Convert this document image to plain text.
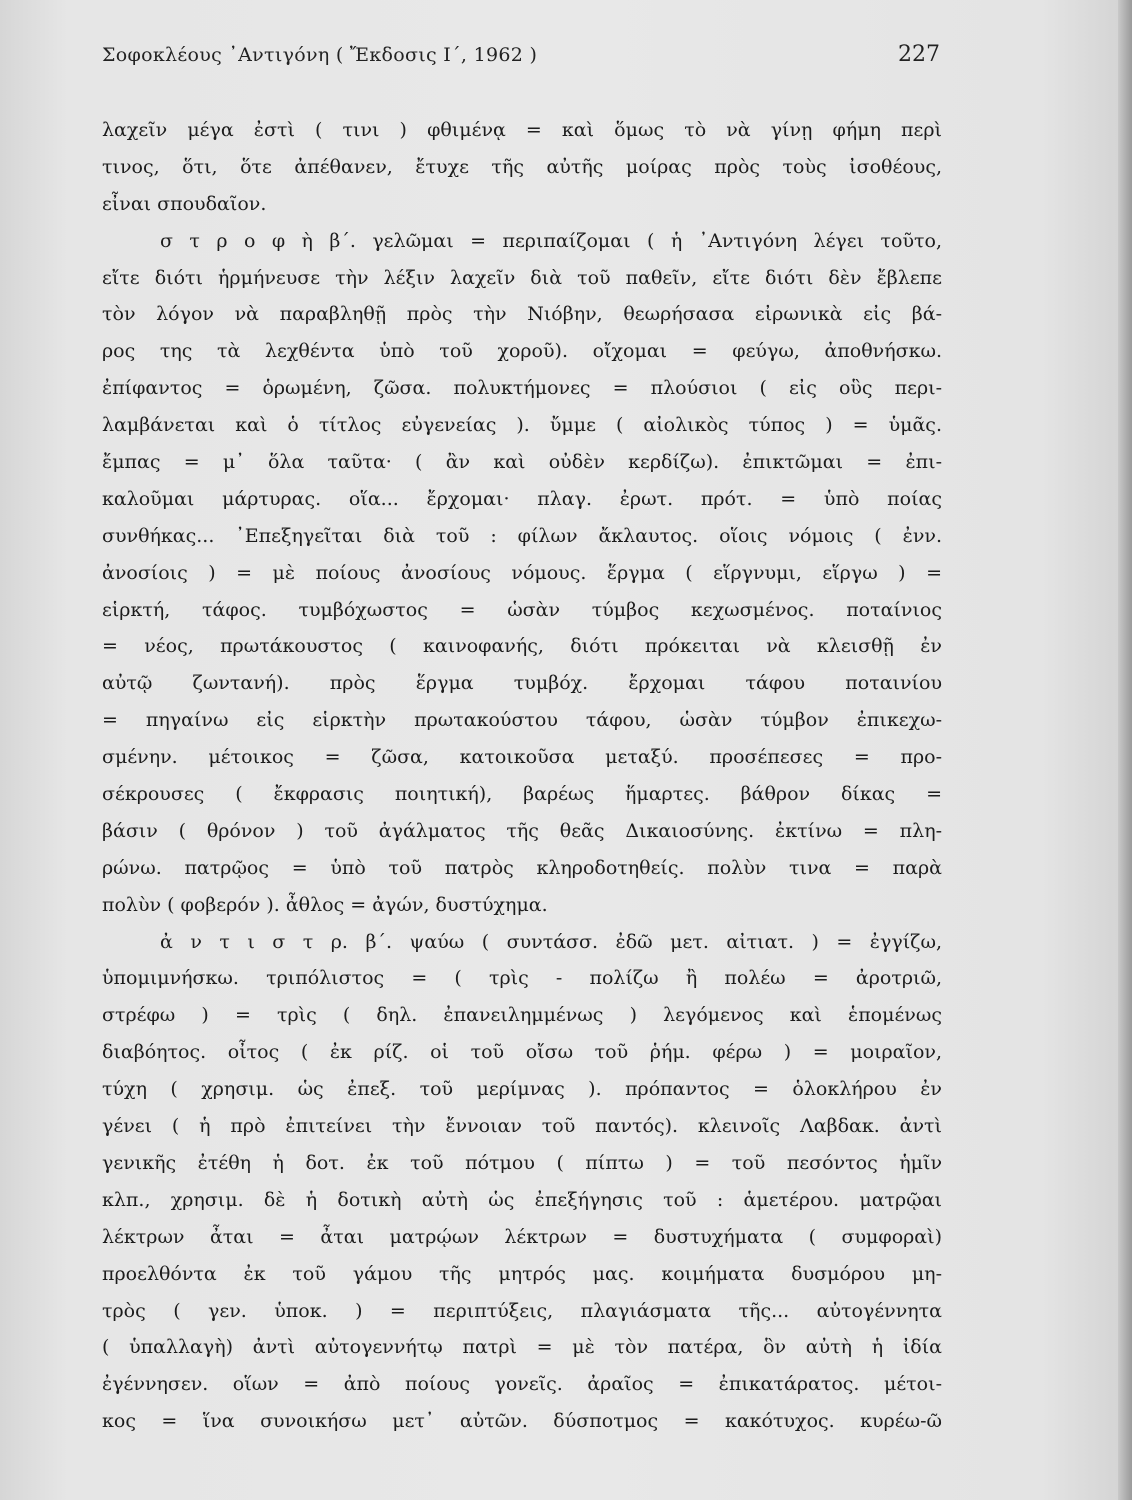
Σοφοκλέους ᾿Αντιγόνη ( Ἔκδοσις Ι΄, 1962 )	227
λαχεῖν μέγα ἐστὶ ( τινι ) φθιμένᾳ = καὶ ὅμως τὸ νὰ γίνῃ φήμη περὶ
τινος, ὅτι, ὅτε ἀπέθανεν, ἔτυχε τῆς αὐτῆς μοίρας πρὸς τοὺς ἰσοθέους,
εἶναι σπουδαῖον.
σ τ ρ ο φ ὴ β΄. γελῶμαι = περιπαίζομαι ( ἡ ᾿Αντιγόνη λέγει τοῦτο,
εἴτε διότι ἡρμήνευσε τὴν λέξιν λαχεῖν διὰ τοῦ παθεῖν, εἴτε διότι δὲν ἔβλεπε
τὸν λόγον νὰ παραβληθῇ πρὸς τὴν Νιόβην, θεωρήσασα εἰρωνικὰ εἰς βά-
ρος της τὰ λεχθέντα ὑπὸ τοῦ χοροῦ). οἴχομαι = φεύγω, ἀποθνήσκω.
ἐπίφαντος = ὁρωμένη, ζῶσα. πολυκτήμονες = πλούσιοι ( εἰς οὓς περι-
λαμβάνεται καὶ ὁ τίτλος εὐγενείας ). ὔμμε ( αἰολικὸς τύπος ) = ὑμᾶς.
ἔμπας = μ᾽ ὅλα ταῦτα· ( ἂν καὶ οὐδὲν κερδίζω). ἐπικτῶμαι = ἐπι-
καλοῦμαι μάρτυρας. οἵα... ἔρχομαι· πλαγ. ἐρωτ. πρότ. = ὑπὸ ποίας
συνθήκας... ᾿Επεξηγεῖται διὰ τοῦ : φίλων ἄκλαυτος. οἵοις νόμοις ( ἐνν.
ἀνοσίοις ) = μὲ ποίους ἀνοσίους νόμους. ἕργμα ( εἵργνυμι, εἵργω ) =
εἱρκτή, τάφος. τυμβόχωστος = ὡσὰν τύμβος κεχωσμένος. ποταίνιος
= νέος, πρωτάκουστος ( καινοφανής, διότι πρόκειται νὰ κλεισθῇ ἐν
αὐτῷ ζωντανή). πρὸς ἕργμα τυμβόχ. ἔρχομαι τάφου ποταινίου
= πηγαίνω εἰς εἱρκτὴν πρωτακούστου τάφου, ὡσὰν τύμβον ἐπικεχω-
σμένην. μέτοικος = ζῶσα, κατοικοῦσα μεταξύ. προσέπεσες = προ-
σέκρουσες ( ἔκφρασις ποιητική), βαρέως ἥμαρτες. βάθρον δίκας =
βάσιν ( θρόνον ) τοῦ ἀγάλματος τῆς θεᾶς Δικαιοσύνης. ἐκτίνω = πλη-
ρώνω. πατρῷος = ὑπὸ τοῦ πατρὸς κληροδοτηθείς. πολὺν τινα = παρὰ
πολὺν ( φοβερόν ). ἆθλος = ἀγών, δυστύχημα.
ἀ ν τ ι σ τ ρ. β΄. ψαύω ( συντάσσ. ἐδῶ μετ. αἰτιατ. ) = ἐγγίζω,
ὑπομιμνήσκω. τριπόλιστος = ( τρὶς - πολίζω ἢ πολέω = ἀροτριῶ,
στρέφω ) = τρὶς ( δηλ. ἐπανειλημμένως ) λεγόμενος καὶ ἑπομένως
διαβόητος. οἶτος ( ἐκ ρίζ. οἱ τοῦ οἴσω τοῦ ῥήμ. φέρω ) = μοιραῖον,
τύχη ( χρησιμ. ὡς ἐπεξ. τοῦ μερίμνας ). πρόπαντος = ὁλοκλήρου ἐν
γένει ( ἡ πρὸ ἐπιτείνει τὴν ἔννοιαν τοῦ παντός). κλεινοῖς Λαβδακ. ἀντὶ
γενικῆς ἐτέθη ἡ δοτ. ἐκ τοῦ πότμου ( πίπτω ) = τοῦ πεσόντος ἡμῖν
κλπ., χρησιμ. δὲ ἡ δοτικὴ αὐτὴ ὡς ἐπεξήγησις τοῦ : ἁμετέρου. ματρῷαι
λέκτρων ἆται = ἆται ματρῴων λέκτρων = δυστυχήματα ( συμφοραὶ)
προελθόντα ἐκ τοῦ γάμου τῆς μητρός μας. κοιμήματα δυσμόρου μη-
τρὸς ( γεν. ὑποκ. ) = περιπτύξεις, πλαγιάσματα τῆς... αὐτογέννητα
( ὑπαλλαγὴ) ἀντὶ αὐτογεννήτῳ πατρὶ = μὲ τὸν πατέρα, ὃν αὐτὴ ἡ ἰδία
ἐγέννησεν. οἵων = ἀπὸ ποίους γονεῖς. ἀραῖος = ἐπικατάρατος. μέτοι-
κος = ἵνα συνοικήσω μετ᾽ αὐτῶν. δύσποτμος = κακότυχος. κυρέω-ῶ
